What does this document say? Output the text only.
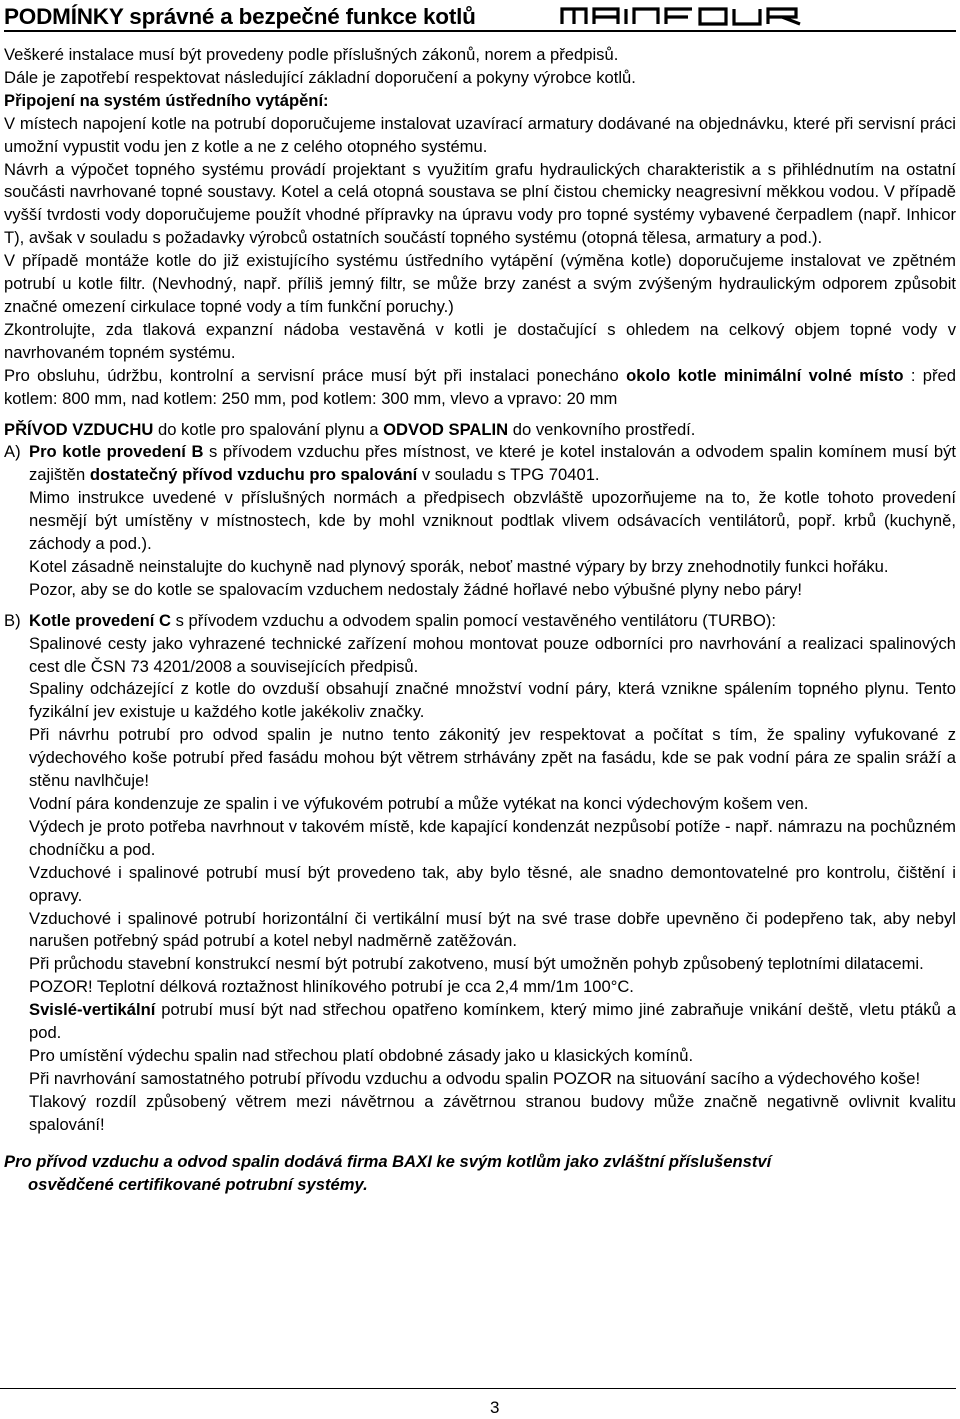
PODMÍNKY správné a bezpečné funkce kotlů

Veškeré instalace musí být provedeny podle příslušných zákonů, norem a předpisů.

Dále je zapotřebí respektovat následující základní doporučení a pokyny výrobce kotlů.

Připojení na systém ústředního vytápění:

V místech napojení kotle na potrubí doporučujeme instalovat uzavírací armatury dodávané na objednávku, které při servisní práci umožní vypustit vodu jen z kotle a ne z celého otopného systému.

Návrh a výpočet topného systému provádí projektant s využitím grafu hydraulických charakteristik a s přihlédnutím na ostatní součásti navrhované topné soustavy. Kotel a celá otopná soustava se plní čistou chemicky neagresivní měkkou vodou. V případě vyšší tvrdosti vody doporučujeme použít vhodné přípravky na úpravu vody pro topné systémy vybavené čerpadlem (např. Inhicor T), avšak v souladu s požadavky výrobců ostatních součástí topného systému (otopná tělesa, armatury a pod.).

V případě montáže kotle do již existujícího systému ústředního vytápění (výměna kotle) doporučujeme instalovat ve zpětném potrubí u kotle filtr. (Nevhodný, např. příliš jemný filtr, se může brzy zanést a svým zvýšeným hydraulickým odporem způsobit značné omezení cirkulace topné vody a tím funkční poruchy.)

Zkontrolujte, zda tlaková expanzní nádoba vestavěná v kotli je dostačující s ohledem na celkový objem topné vody v navrhovaném topném systému.

Pro obsluhu, údržbu, kontrolní a servisní práce musí být při instalaci ponecháno okolo kotle minimální volné místo : před kotlem: 800 mm, nad kotlem: 250 mm, pod kotlem: 300 mm, vlevo a vpravo: 20 mm

PŘÍVOD VZDUCHU do kotle pro spalování plynu a ODVOD SPALIN do venkovního prostředí.

A) Pro kotle provedení B s přívodem vzduchu přes místnost, ve které je kotel instalován a odvodem spalin komínem musí být zajištěn dostatečný přívod vzduchu pro spalování v souladu s TPG 70401.

Mimo instrukce uvedené v příslušných normách a předpisech obzvláště upozorňujeme na to, že kotle tohoto provedení nesmějí být umístěny v místnostech, kde by mohl vzniknout podtlak vlivem odsávacích ventilátorů, popř. krbů (kuchyně, záchody a pod.).

Kotel zásadně neinstalujte do kuchyně nad plynový sporák, neboť mastné výpary by brzy znehodnotily funkci hořáku.

Pozor, aby se do kotle se spalovacím vzduchem nedostaly žádné hořlavé nebo výbušné plyny nebo páry!

B) Kotle provedení C s přívodem vzduchu a odvodem spalin pomocí vestavěného ventilátoru (TURBO):

Spalinové cesty jako vyhrazené technické zařízení mohou montovat pouze odborníci pro navrhování a realizaci spalinových cest dle ČSN 73 4201/2008 a souvisejících předpisů.

Spaliny odcházející z kotle do ovzduší obsahují značné množství vodní páry, která vznikne spálením topného plynu. Tento fyzikální jev existuje u každého kotle jakékoliv značky.

Při návrhu potrubí pro odvod spalin je nutno tento zákonitý jev respektovat a počítat s tím, že spaliny vyfukované z výdechového koše potrubí před fasádu mohou být větrem strhávány zpět na fasádu, kde se pak vodní pára ze spalin sráží a stěnu navlhčuje!

Vodní pára kondenzuje ze spalin i ve výfukovém potrubí a může vytékat na konci výdechovým košem ven.

Výdech je proto potřeba navrhnout v takovém místě, kde kapající kondenzát nezpůsobí potíže - např. námrazu na pochůzném chodníčku a pod.

Vzduchové i spalinové potrubí musí být provedeno tak, aby bylo těsné, ale snadno demontovatelné pro kontrolu, čištění i opravy.

Vzduchové i spalinové potrubí horizontální či vertikální musí být na své trase dobře upevněno či podepřeno tak, aby nebyl narušen potřebný spád potrubí a kotel nebyl nadměrně zatěžován.

Při průchodu stavební konstrukcí nesmí být potrubí zakotveno, musí být umožněn pohyb způsobený teplotními dilatacemi.

POZOR! Teplotní délková roztažnost hliníkového potrubí je cca 2,4 mm/1m 100°C.

Svislé-vertikální potrubí musí být nad střechou opatřeno komínkem, který mimo jiné zabraňuje vnikání deště, vletu ptáků a pod.

Pro umístění výdechu spalin nad střechou platí obdobné zásady jako u klasických komínů.

Při navrhování samostatného potrubí přívodu vzduchu a odvodu spalin POZOR na situování sacího a výdechového koše!

Tlakový rozdíl způsobený větrem mezi návětrnou a závětrnou stranou budovy může značně negativně ovlivnit kvalitu spalování!

Pro přívod vzduchu a odvod spalin dodává firma BAXI ke svým kotlům jako zvláštní příslušenství
osvědčené certifikované potrubní systémy.
3
